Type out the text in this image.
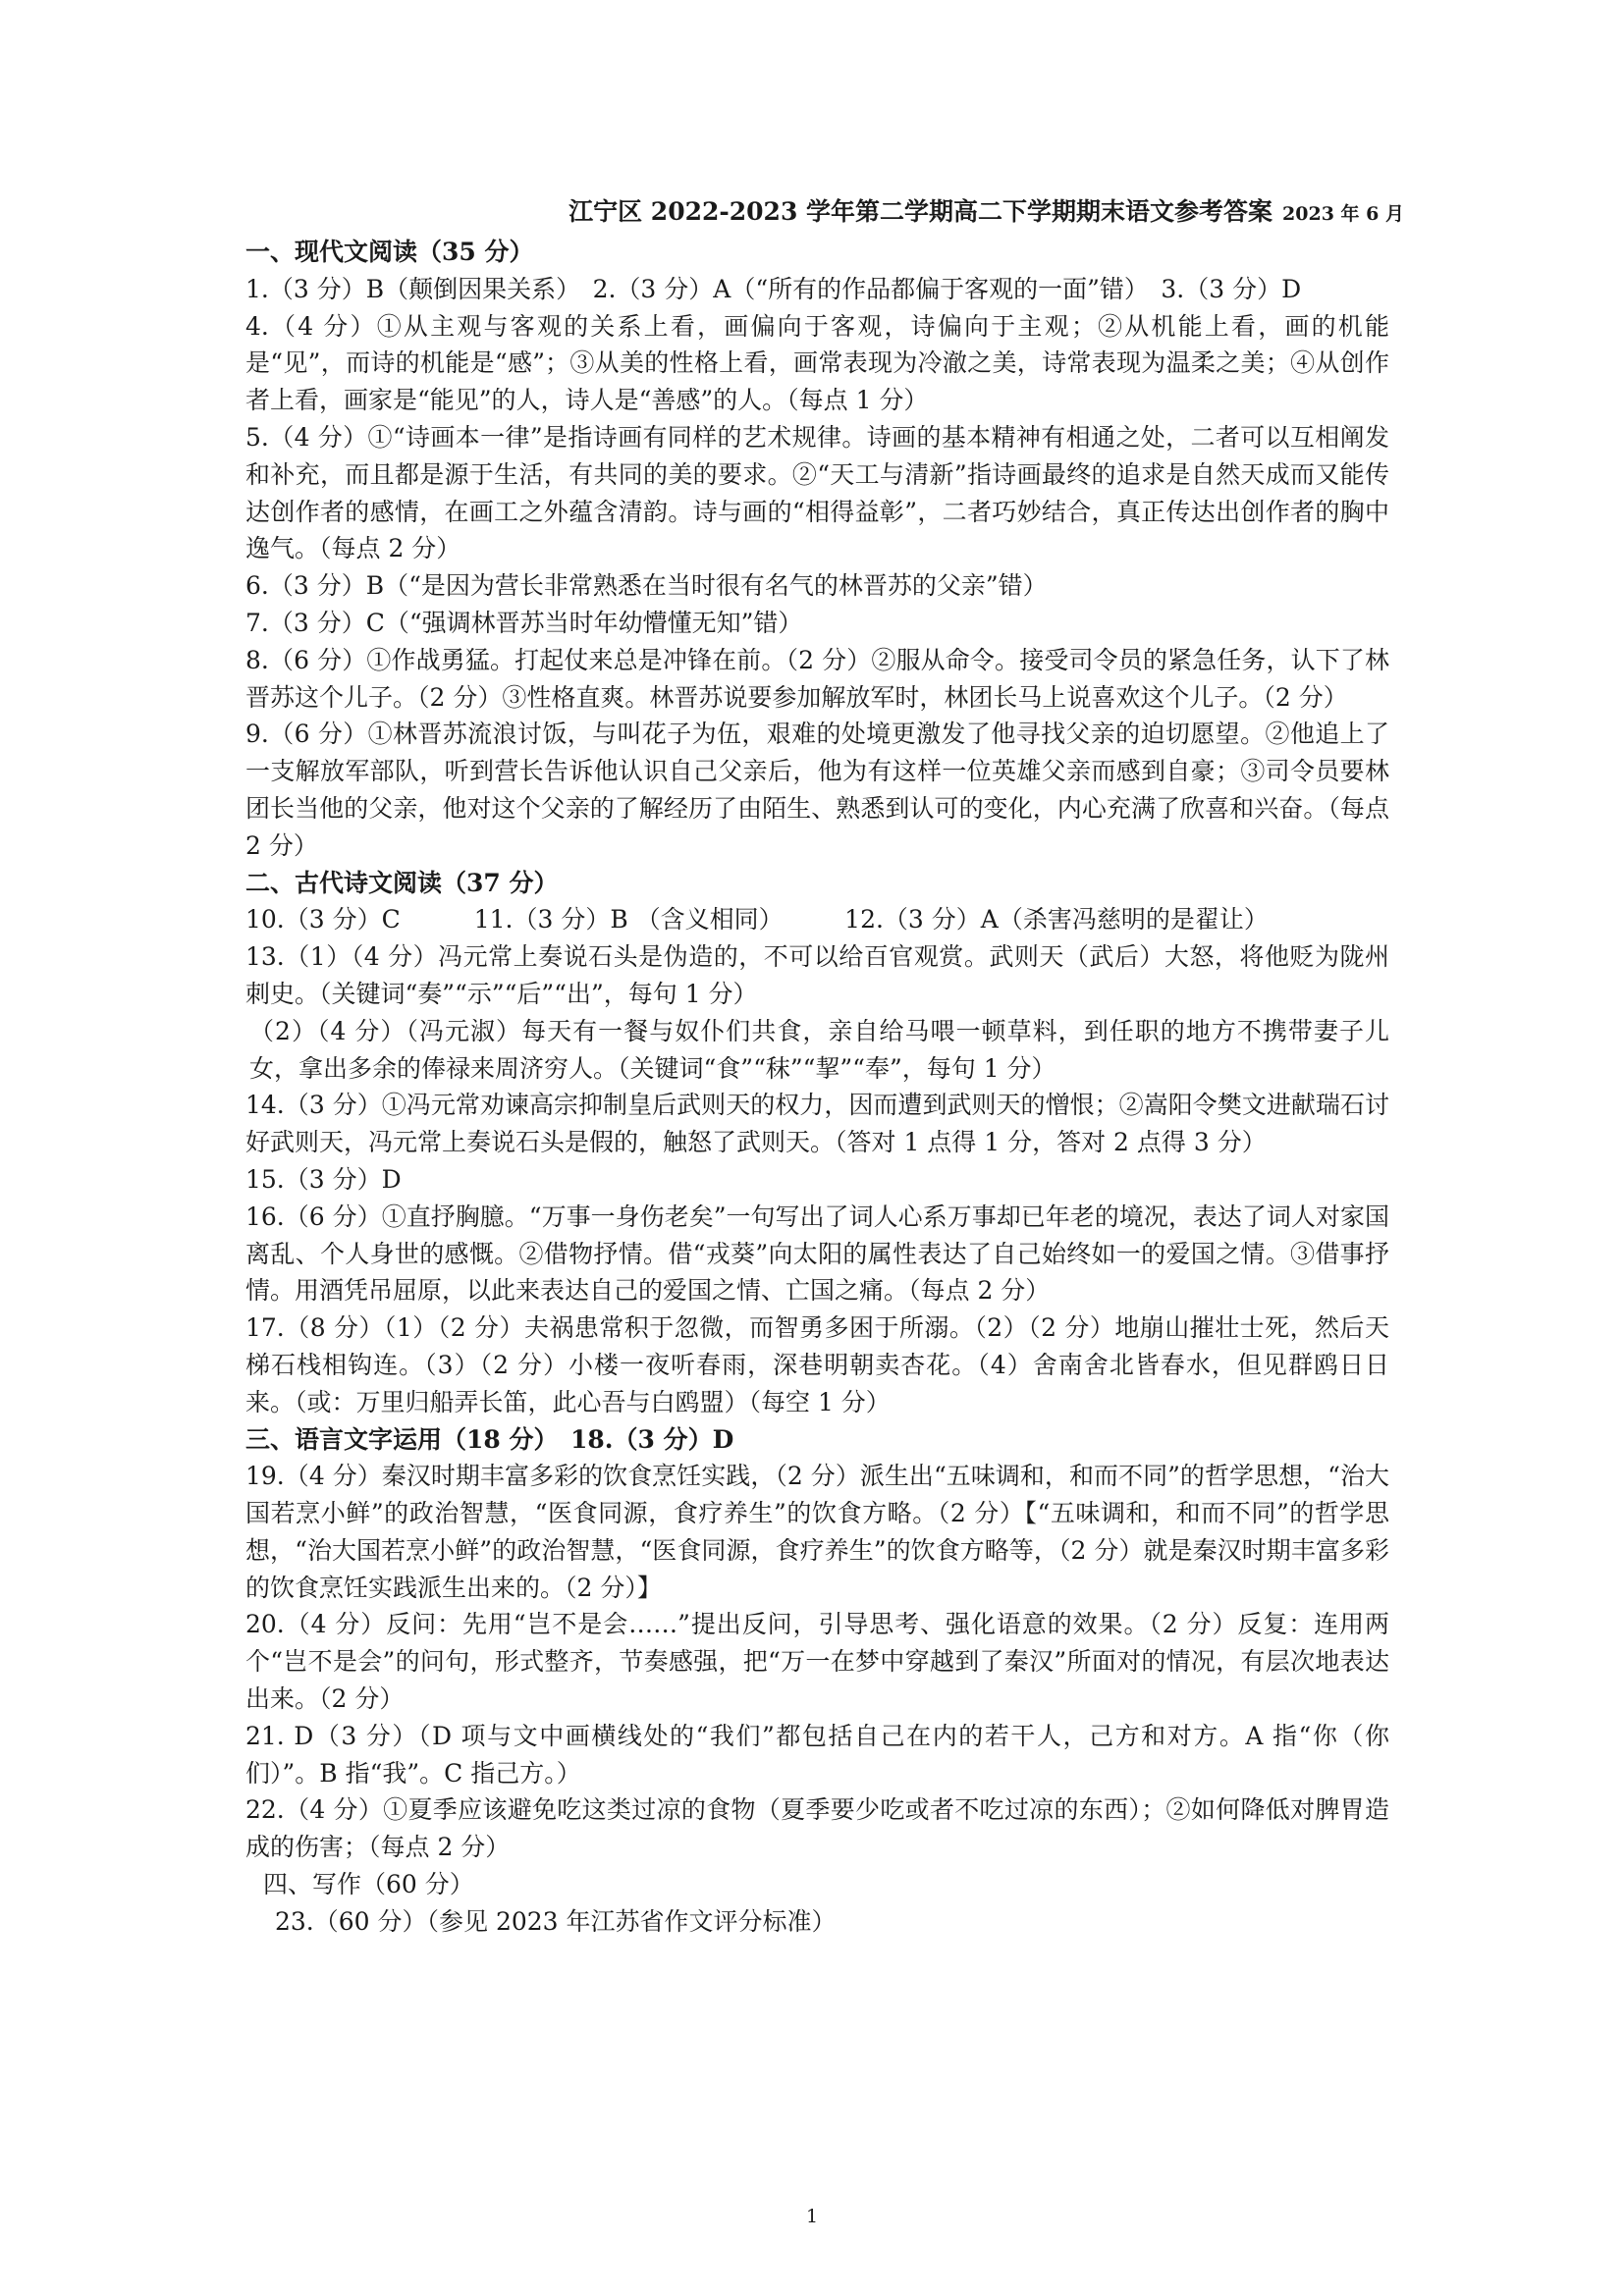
江宁区 2022-2023 学年第二学期高二下学期期末语文参考答案 2023 年 6 月

一、现代文阅读（35 分）

1.（3 分）B（颠倒因果关系）　2.（3 分）A（“所有的作品都偏于客观的一面”错）　3.（3 分）D

4.（4 分）①从主观与客观的关系上看，画偏向于客观，诗偏向于主观；②从机能上看，画的机能是“见”，而诗的机能是“感”；③从美的性格上看，画常表现为冷澈之美，诗常表现为温柔之美；④从创作者上看，画家是“能见”的人，诗人是“善感”的人。（每点 1 分）

5.（4 分）①“诗画本一律”是指诗画有同样的艺术规律。诗画的基本精神有相通之处，二者可以互相阐发和补充，而且都是源于生活，有共同的美的要求。②“天工与清新”指诗画最终的追求是自然天成而又能传达创作者的感情，在画工之外蕴含清韵。诗与画的“相得益彰”，二者巧妙结合，真正传达出创作者的胸中逸气。（每点 2 分）

6.（3 分）B（“是因为营长非常熟悉在当时很有名气的林晋苏的父亲”错）

7.（3 分）C（“强调林晋苏当时年幼懵懂无知”错）

8.（6 分）①作战勇猛。打起仗来总是冲锋在前。（2 分）②服从命令。接受司令员的紧急任务，认下了林晋苏这个儿子。（2 分）③性格直爽。林晋苏说要参加解放军时，林团长马上说喜欢这个儿子。（2 分）

9.（6 分）①林晋苏流浪讨饭，与叫花子为伍，艰难的处境更激发了他寻找父亲的迫切愿望。②他追上了一支解放军部队，听到营长告诉他认识自己父亲后，他为有这样一位英雄父亲而感到自豪；③司令员要林团长当他的父亲，他对这个父亲的了解经历了由陌生、熟悉到认可的变化，内心充满了欣喜和兴奋。（每点 2 分）

二、古代诗文阅读（37 分）

10.（3 分）C　　　11.（3 分）B （含义相同）　　　12.（3 分）A（杀害冯慈明的是翟让）

13.（1）（4 分）冯元常上奏说石头是伪造的，不可以给百官观赏。武则天（武后）大怒，将他贬为陇州刺史。（关键词“奏”“示”“后”“出”，每句 1 分）

（2）（4 分）（冯元淑）每天有一餐与奴仆们共食，亲自给马喂一顿草料，到任职的地方不携带妻子儿女，拿出多余的俸禄来周济穷人。（关键词“食”“秣”“挈”“奉”，每句 1 分）

14.（3 分）①冯元常劝谏高宗抑制皇后武则天的权力，因而遭到武则天的憎恨；②嵩阳令樊文进献瑞石讨好武则天，冯元常上奏说石头是假的，触怒了武则天。（答对 1 点得 1 分，答对 2 点得 3 分）

15.（3 分）D

16.（6 分）①直抒胸臆。“万事一身伤老矣”一句写出了词人心系万事却已年老的境况，表达了词人对家国离乱、个人身世的感慨。②借物抒情。借“戎葵”向太阳的属性表达了自己始终如一的爱国之情。③借事抒情。用酒凭吊屈原，以此来表达自己的爱国之情、亡国之痛。（每点 2 分）

17.（8 分）（1）（2 分）夫祸患常积于忽微，而智勇多困于所溺。（2）（2 分）地崩山摧壮士死，然后天梯石栈相钩连。（3）（2 分）小楼一夜听春雨，深巷明朝卖杏花。（4）舍南舍北皆春水，但见群鸥日日来。（或：万里归船弄长笛，此心吾与白鸥盟）（每空 1 分）

三、语言文字运用（18 分）　18.（3 分）D

19.（4 分）秦汉时期丰富多彩的饮食烹饪实践，（2 分）派生出“五味调和，和而不同”的哲学思想，“治大国若烹小鲜”的政治智慧，“医食同源，食疗养生”的饮食方略。（2 分）【“五味调和，和而不同”的哲学思想，“治大国若烹小鲜”的政治智慧，“医食同源，食疗养生”的饮食方略等，（2 分）就是秦汉时期丰富多彩的饮食烹饪实践派生出来的。（2 分）】

20.（4 分）反问：先用“岂不是会……”提出反问，引导思考、强化语意的效果。（2 分）反复：连用两个“岂不是会”的问句，形式整齐，节奏感强，把“万一在梦中穿越到了秦汉”所面对的情况，有层次地表达出来。（2 分）

21. D（3 分）（D 项与文中画横线处的“我们”都包括自己在内的若干人，己方和对方。A 指“你（你们）”。B 指“我”。C 指己方。）

22.（4 分）①夏季应该避免吃这类过凉的食物（夏季要少吃或者不吃过凉的东西）；②如何降低对脾胃造成的伤害；（每点 2 分）

四、写作（60 分）

23.（60 分）（参见 2023 年江苏省作文评分标准）

1
